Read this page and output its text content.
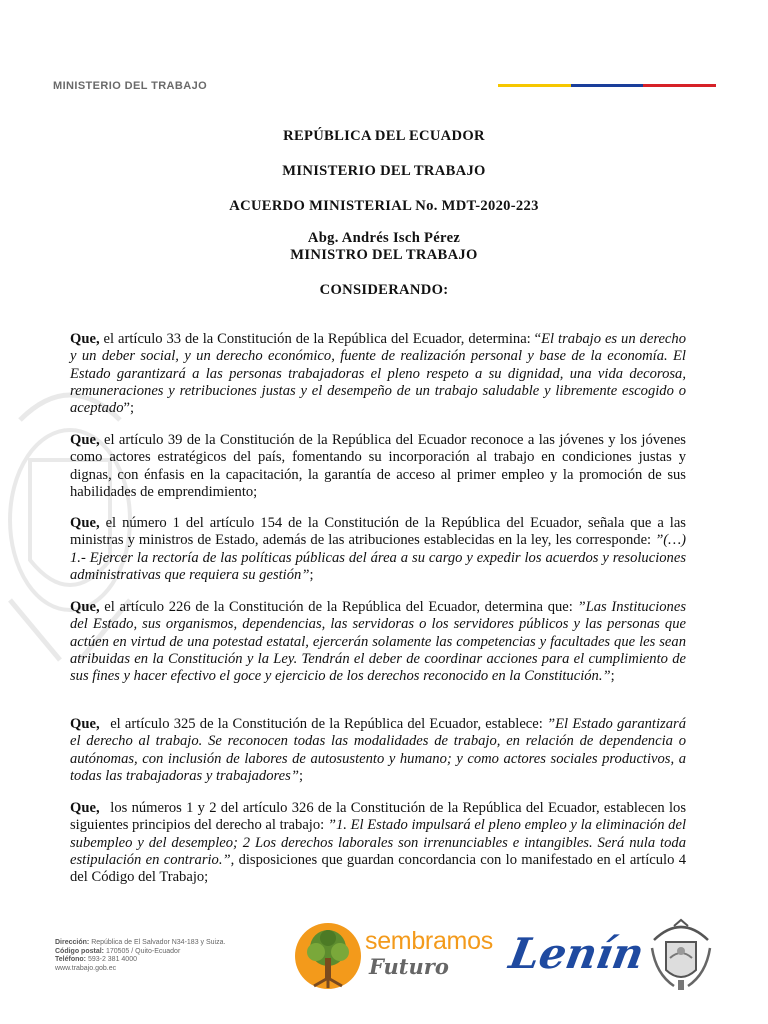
MINISTERIO DEL TRABAJO
REPÚBLICA DEL ECUADOR
MINISTERIO DEL TRABAJO
ACUERDO MINISTERIAL No. MDT-2020-223
Abg. Andrés Isch Pérez
MINISTRO DEL TRABAJO
CONSIDERANDO:
Que, el artículo 33 de la Constitución de la República del Ecuador, determina: “El trabajo es un derecho y un deber social, y un derecho económico, fuente de realización personal y base de la economía. El Estado garantizará a las personas trabajadoras el pleno respeto a su dignidad, una vida decorosa, remuneraciones y retribuciones justas y el desempeño de un trabajo saludable y libremente escogido o aceptado”;
Que, el artículo 39 de la Constitución de la República del Ecuador reconoce a las jóvenes y los jóvenes como actores estratégicos del país, fomentando su incorporación al trabajo en condiciones justas y dignas, con énfasis en la capacitación, la garantía de acceso al primer empleo y la promoción de sus habilidades de emprendimiento;
Que, el número 1 del artículo 154 de la Constitución de la República del Ecuador, señala que a las ministras y ministros de Estado, además de las atribuciones establecidas en la ley, les corresponde: ”(…) 1.- Ejercer la rectoría de las políticas públicas del área a su cargo y expedir los acuerdos y resoluciones administrativas que requiera su gestión”;
Que, el artículo 226 de la Constitución de la República del Ecuador, determina que: ”Las Instituciones del Estado, sus organismos, dependencias, las servidoras o los servidores públicos y las personas que actúen en virtud de una potestad estatal, ejercerán solamente las competencias y facultades que les sean atribuidas en la Constitución y la Ley. Tendrán el deber de coordinar acciones para el cumplimiento de sus fines y hacer efectivo el goce y ejercicio de los derechos reconocido en la Constitución.”;
Que, el artículo 325 de la Constitución de la República del Ecuador, establece: ”El Estado garantizará el derecho al trabajo. Se reconocen todas las modalidades de trabajo, en relación de dependencia o autónomas, con inclusión de labores de autosustento y humano; y como actores sociales productivos, a todas las trabajadoras y trabajadores”;
Que, los números 1 y 2 del artículo 326 de la Constitución de la República del Ecuador, establecen los siguientes principios del derecho al trabajo: ”1. El Estado impulsará el pleno empleo y la eliminación del subempleo y del desempleo; 2 Los derechos laborales son irrenunciables e intangibles. Será nula toda estipulación en contrario.”, disposiciones que guardan concordancia con lo manifestado en el artículo 4 del Código del Trabajo;
Dirección: República de El Salvador N34-183 y Suiza.
Código postal: 170505 / Quito-Ecuador
Teléfono: 593-2 381 4000
www.trabajo.gob.ec
sembramos
Futuro Lenín
